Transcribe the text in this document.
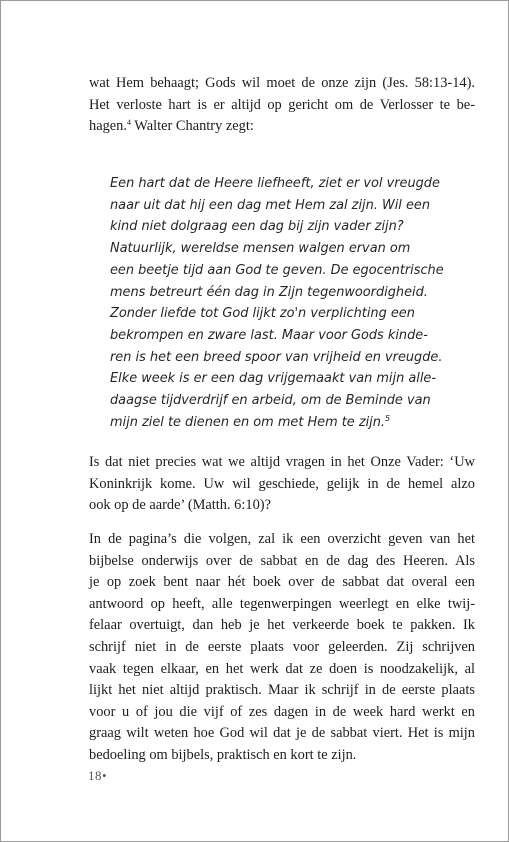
wat Hem behaagt; Gods wil moet de onze zijn (Jes. 58:13-14).
Het verloste hart is er altijd op gericht om de Verlosser te be-
hagen.$^4$ Walter Chantry zegt:
Een hart dat de Heere liefheeft, ziet er vol vreugde
naar uit dat hij een dag met Hem zal zijn. Wil een
kind niet dolgraag een dag bij zijn vader zijn?
Natuurlijk, wereldse mensen walgen ervan om
een beetje tijd aan God te geven. De egocentrische
mens betreurt één dag in Zijn tegenwoordigheid.
Zonder liefde tot God lijkt zo'n verplichting een
bekrompen en zware last. Maar voor Gods kinde-
ren is het een breed spoor van vrijheid en vreugde.
Elke week is er een dag vrijgemaakt van mijn alle-
daagse tijdverdrijf en arbeid, om de Beminde van
mijn ziel te dienen en om met Hem te zijn.$^5$
Is dat niet precies wat we altijd vragen in het Onze Vader: ‘Uw
Koninkrijk kome. Uw wil geschiede, gelijk in de hemel alzo
ook op de aarde’ (Matth. 6:10)?
In de pagina’s die volgen, zal ik een overzicht geven van het
bijbelse onderwijs over de sabbat en de dag des Heeren. Als
je op zoek bent naar hét boek over de sabbat dat overal een
antwoord op heeft, alle tegenwerpingen weerlegt en elke twij-
felaar overtuigt, dan heb je het verkeerde boek te pakken. Ik
schrijf niet in de eerste plaats voor geleerden. Zij schrijven
vaak tegen elkaar, en het werk dat ze doen is noodzakelijk, al
lijkt het niet altijd praktisch. Maar ik schrijf in de eerste plaats
voor u of jou die vijf of zes dagen in de week hard werkt en
graag wilt weten hoe God wil dat je de sabbat viert. Het is mijn
bedoeling om bijbels, praktisch en kort te zijn.
18•
